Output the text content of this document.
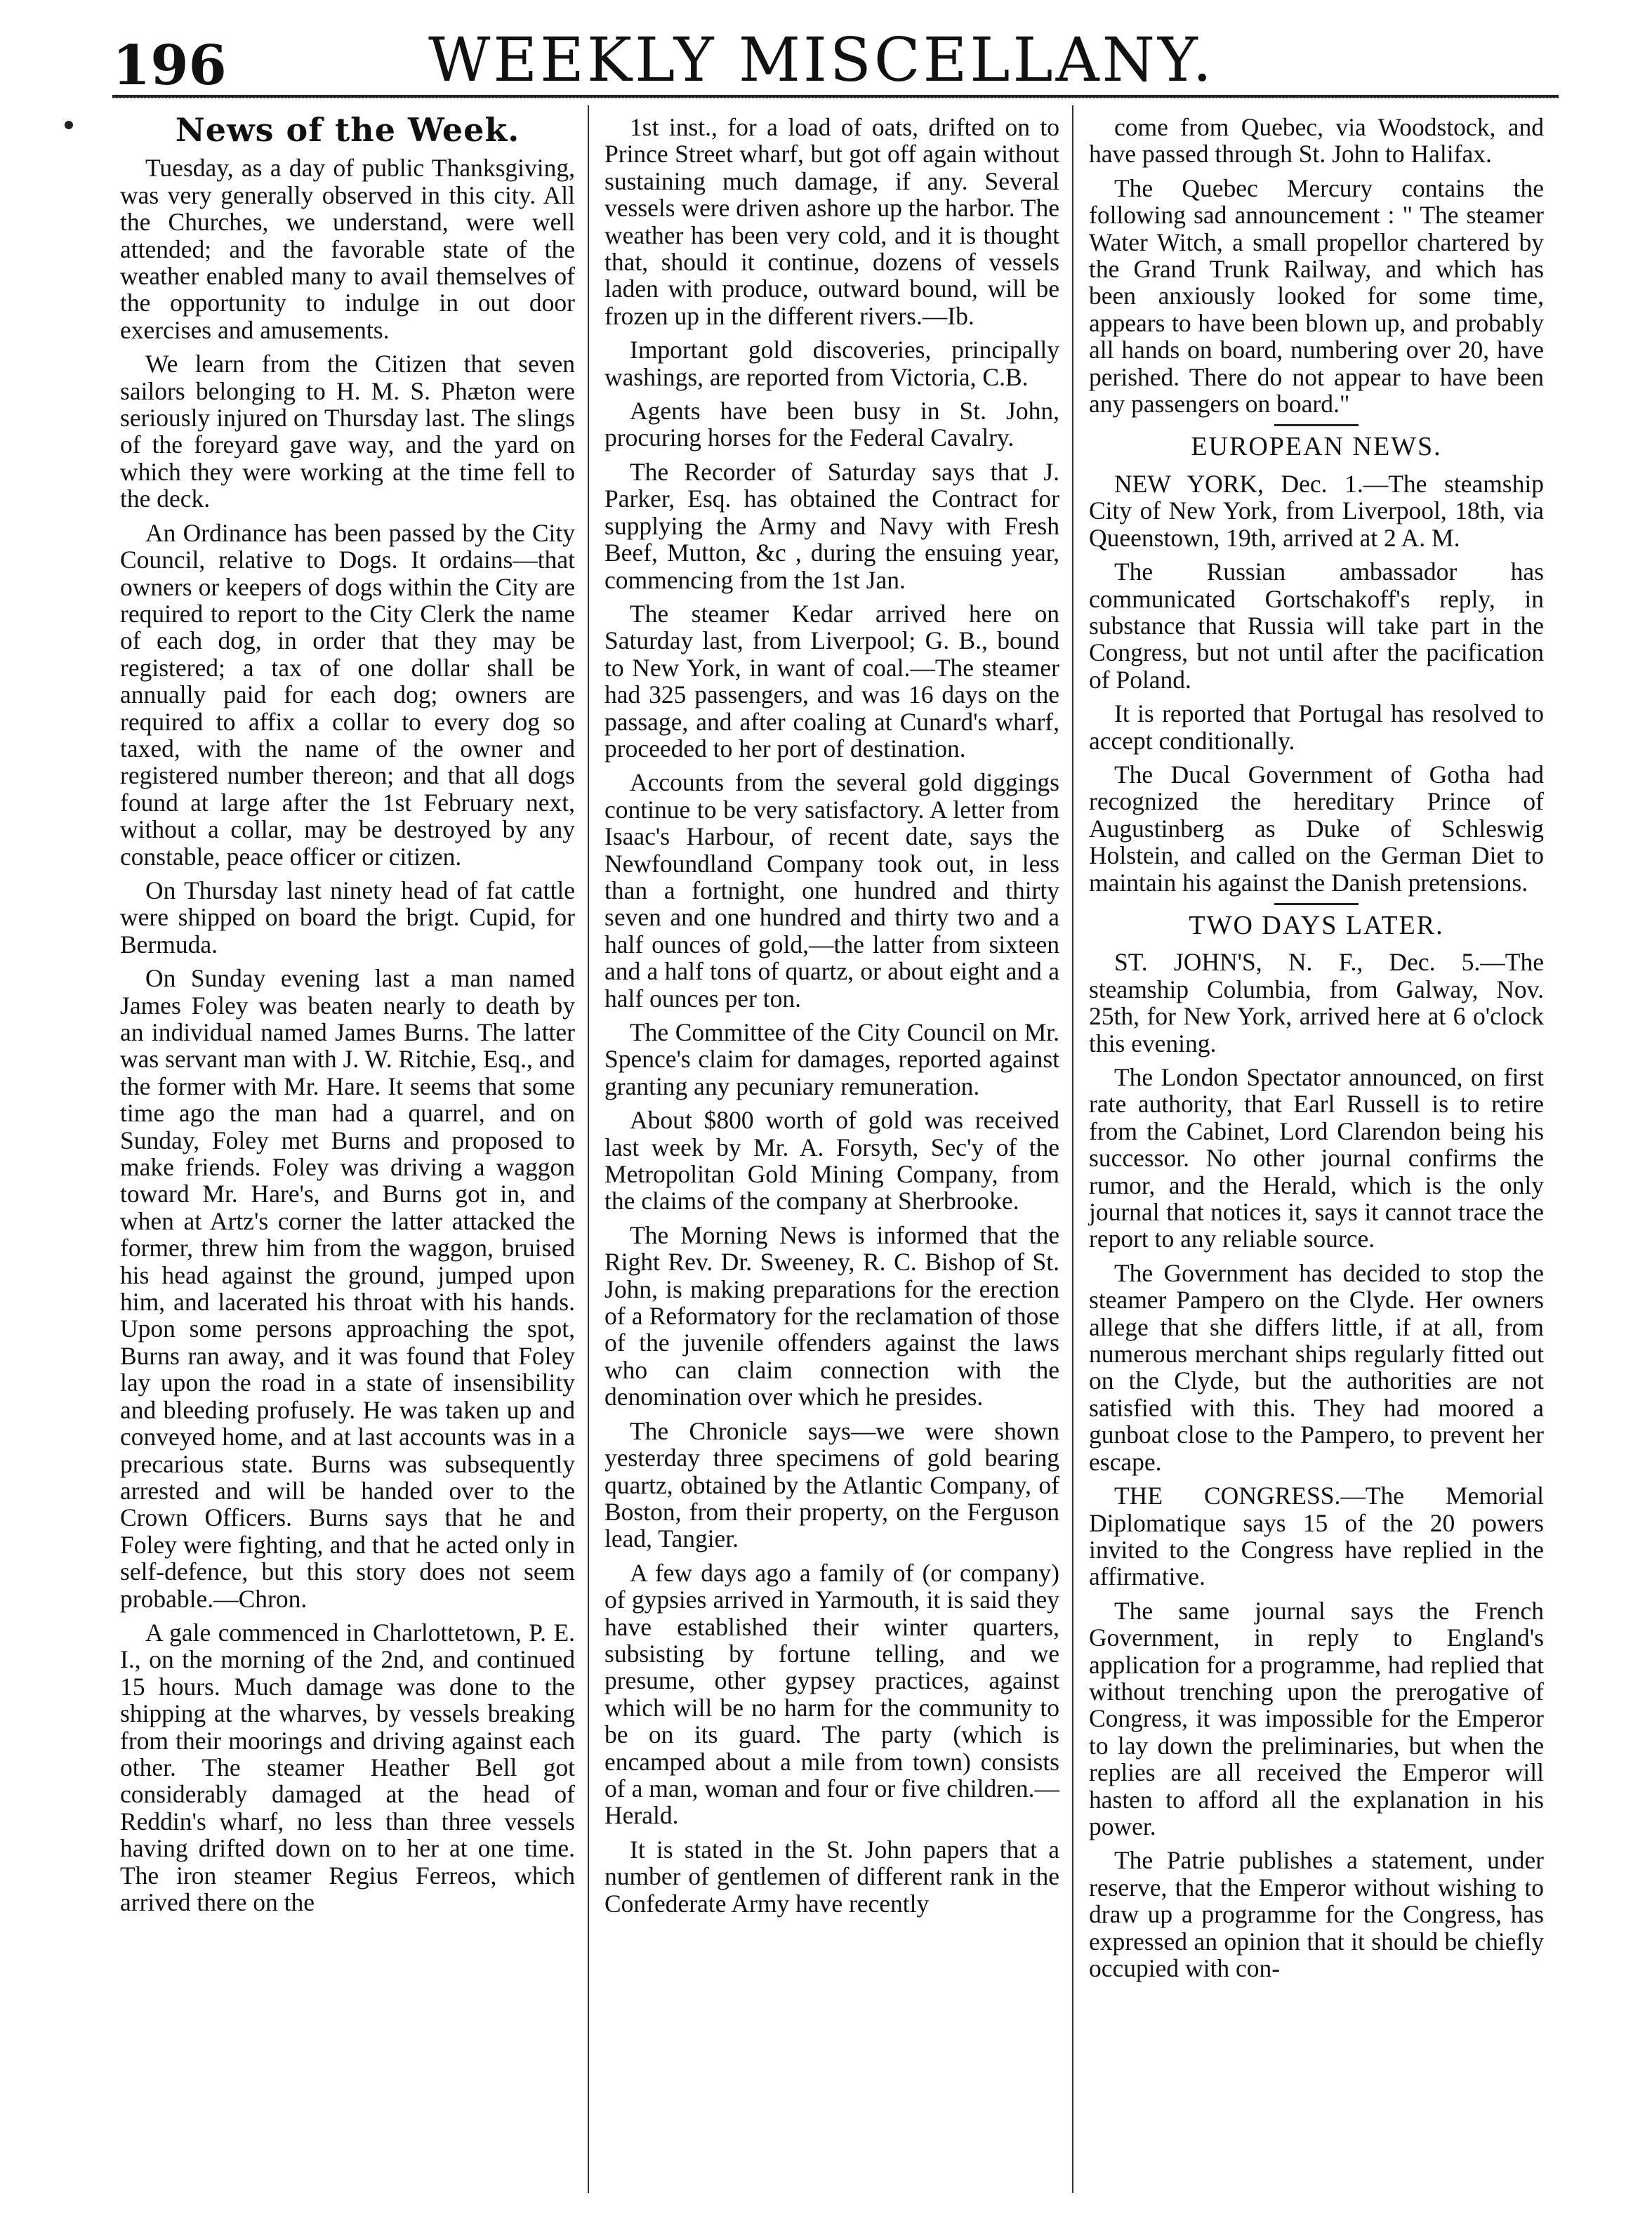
196	WEEKLY MISCELLANY.
News of the Week.

Tuesday, as a day of public Thanksgiving, was very generally observed in this city. All the Churches, we understand, were well attended; and the favorable state of the weather enabled many to avail themselves of the opportunity to indulge in out door exercises and amusements.

We learn from the Citizen that seven sailors belonging to H. M. S. Phæton were seriously injured on Thursday last. The slings of the foreyard gave way, and the yard on which they were working at the time fell to the deck.

An Ordinance has been passed by the City Council, relative to Dogs. It ordains—that owners or keepers of dogs within the City are required to report to the City Clerk the name of each dog, in order that they may be registered; a tax of one dollar shall be annually paid for each dog; owners are required to affix a collar to every dog so taxed, with the name of the owner and registered number thereon; and that all dogs found at large after the 1st February next, without a collar, may be destroyed by any constable, peace officer or citizen.

On Thursday last ninety head of fat cattle were shipped on board the brigt. Cupid, for Bermuda.

On Sunday evening last a man named James Foley was beaten nearly to death by an individual named James Burns. The latter was servant man with J. W. Ritchie, Esq., and the former with Mr. Hare. It seems that some time ago the man had a quarrel, and on Sunday, Foley met Burns and proposed to make friends. Foley was driving a waggon toward Mr. Hare's, and Burns got in, and when at Artz's corner the latter attacked the former, threw him from the waggon, bruised his head against the ground, jumped upon him, and lacerated his throat with his hands. Upon some persons approaching the spot, Burns ran away, and it was found that Foley lay upon the road in a state of insensibility and bleeding profusely. He was taken up and conveyed home, and at last accounts was in a precarious state. Burns was subsequently arrested and will be handed over to the Crown Officers. Burns says that he and Foley were fighting, and that he acted only in self-defence, but this story does not seem probable.—Chron.

A gale commenced in Charlottetown, P. E. I., on the morning of the 2nd, and continued 15 hours. Much damage was done to the shipping at the wharves, by vessels breaking from their moorings and driving against each other. The steamer Heather Bell got considerably damaged at the head of Reddin's wharf, no less than three vessels having drifted down on to her at one time. The iron steamer Regius Ferreos, which arrived there on the

1st inst., for a load of oats, drifted on to Prince Street wharf, but got off again without sustaining much damage, if any. Several vessels were driven ashore up the harbor. The weather has been very cold, and it is thought that, should it continue, dozens of vessels laden with produce, outward bound, will be frozen up in the different rivers.—Ib.

Important gold discoveries, principally washings, are reported from Victoria, C.B.

Agents have been busy in St. John, procuring horses for the Federal Cavalry.

The Recorder of Saturday says that J. Parker, Esq. has obtained the Contract for supplying the Army and Navy with Fresh Beef, Mutton, &c , during the ensuing year, commencing from the 1st Jan.

The steamer Kedar arrived here on Saturday last, from Liverpool; G. B., bound to New York, in want of coal.—The steamer had 325 passengers, and was 16 days on the passage, and after coaling at Cunard's wharf, proceeded to her port of destination.

Accounts from the several gold diggings continue to be very satisfactory. A letter from Isaac's Harbour, of recent date, says the Newfoundland Company took out, in less than a fortnight, one hundred and thirty seven and one hundred and thirty two and a half ounces of gold,—the latter from sixteen and a half tons of quartz, or about eight and a half ounces per ton.

The Committee of the City Council on Mr. Spence's claim for damages, reported against granting any pecuniary remuneration.

About $800 worth of gold was received last week by Mr. A. Forsyth, Sec'y of the Metropolitan Gold Mining Company, from the claims of the company at Sherbrooke.

The Morning News is informed that the Right Rev. Dr. Sweeney, R. C. Bishop of St. John, is making preparations for the erection of a Reformatory for the reclamation of those of the juvenile offenders against the laws who can claim connection with the denomination over which he presides.

The Chronicle says—we were shown yesterday three specimens of gold bearing quartz, obtained by the Atlantic Company, of Boston, from their property, on the Ferguson lead, Tangier.

A few days ago a family of (or company) of gypsies arrived in Yarmouth, it is said they have established their winter quarters, subsisting by fortune telling, and we presume, other gypsey practices, against which will be no harm for the community to be on its guard. The party (which is encamped about a mile from town) consists of a man, woman and four or five children.—Herald.

It is stated in the St. John papers that a number of gentlemen of different rank in the Confederate Army have recently

come from Quebec, via Woodstock, and have passed through St. John to Halifax.

The Quebec Mercury contains the following sad announcement : " The steamer Water Witch, a small propellor chartered by the Grand Trunk Railway, and which has been anxiously looked for some time, appears to have been blown up, and probably all hands on board, numbering over 20, have perished. There do not appear to have been any passengers on board."

EUROPEAN NEWS.

NEW YORK, Dec. 1.—The steamship City of New York, from Liverpool, 18th, via Queenstown, 19th, arrived at 2 A. M.

The Russian ambassador has communicated Gortschakoff's reply, in substance that Russia will take part in the Congress, but not until after the pacification of Poland.

It is reported that Portugal has resolved to accept conditionally.

The Ducal Government of Gotha had recognized the hereditary Prince of Augustinberg as Duke of Schleswig Holstein, and called on the German Diet to maintain his against the Danish pretensions.

TWO DAYS LATER.

ST. JOHN'S, N. F., Dec. 5.—The steamship Columbia, from Galway, Nov. 25th, for New York, arrived here at 6 o'clock this evening.

The London Spectator announced, on first rate authority, that Earl Russell is to retire from the Cabinet, Lord Clarendon being his successor. No other journal confirms the rumor, and the Herald, which is the only journal that notices it, says it cannot trace the report to any reliable source.

The Government has decided to stop the steamer Pampero on the Clyde. Her owners allege that she differs little, if at all, from numerous merchant ships regularly fitted out on the Clyde, but the authorities are not satisfied with this. They had moored a gunboat close to the Pampero, to prevent her escape.

THE CONGRESS.—The Memorial Diplomatique says 15 of the 20 powers invited to the Congress have replied in the affirmative.

The same journal says the French Government, in reply to England's application for a programme, had replied that without trenching upon the prerogative of Congress, it was impossible for the Emperor to lay down the preliminaries, but when the replies are all received the Emperor will hasten to afford all the explanation in his power.

The Patrie publishes a statement, under reserve, that the Emperor without wishing to draw up a programme for the Congress, has expressed an opinion that it should be chiefly occupied with con-
